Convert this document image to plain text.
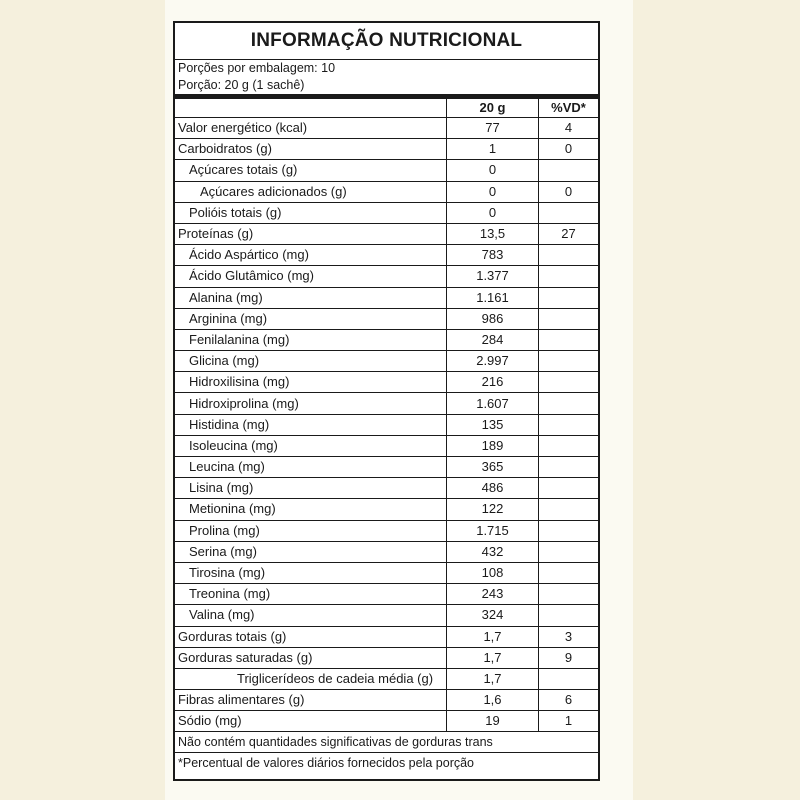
INFORMAÇÃO NUTRICIONAL
Porções por embalagem: 10
Porção: 20 g (1 sachê)
	20 g	%VD*
Valor energético (kcal)	77	4
Carboidratos (g)	1	0
Açúcares totais (g)	0	
Açúcares adicionados (g)	0	0
Polióis totais (g)	0	
Proteínas (g)	13,5	27
Ácido Aspártico (mg)	783	
Ácido Glutâmico (mg)	1.377	
Alanina (mg)	1.161	
Arginina (mg)	986	
Fenilalanina (mg)	284	
Glicina (mg)	2.997	
Hidroxilisina (mg)	216	
Hidroxiprolina (mg)	1.607	
Histidina (mg)	135	
Isoleucina (mg)	189	
Leucina (mg)	365	
Lisina (mg)	486	
Metionina (mg)	122	
Prolina (mg)	1.715	
Serina (mg)	432	
Tirosina (mg)	108	
Treonina (mg)	243	
Valina (mg)	324	
Gorduras totais (g)	1,7	3
Gorduras saturadas (g)	1,7	9
Triglicerídeos de cadeia média (g)	1,7	
Fibras alimentares (g)	1,6	6
Sódio (mg)	19	1
Não contém quantidades significativas de gorduras trans
*Percentual de valores diários fornecidos pela porção
